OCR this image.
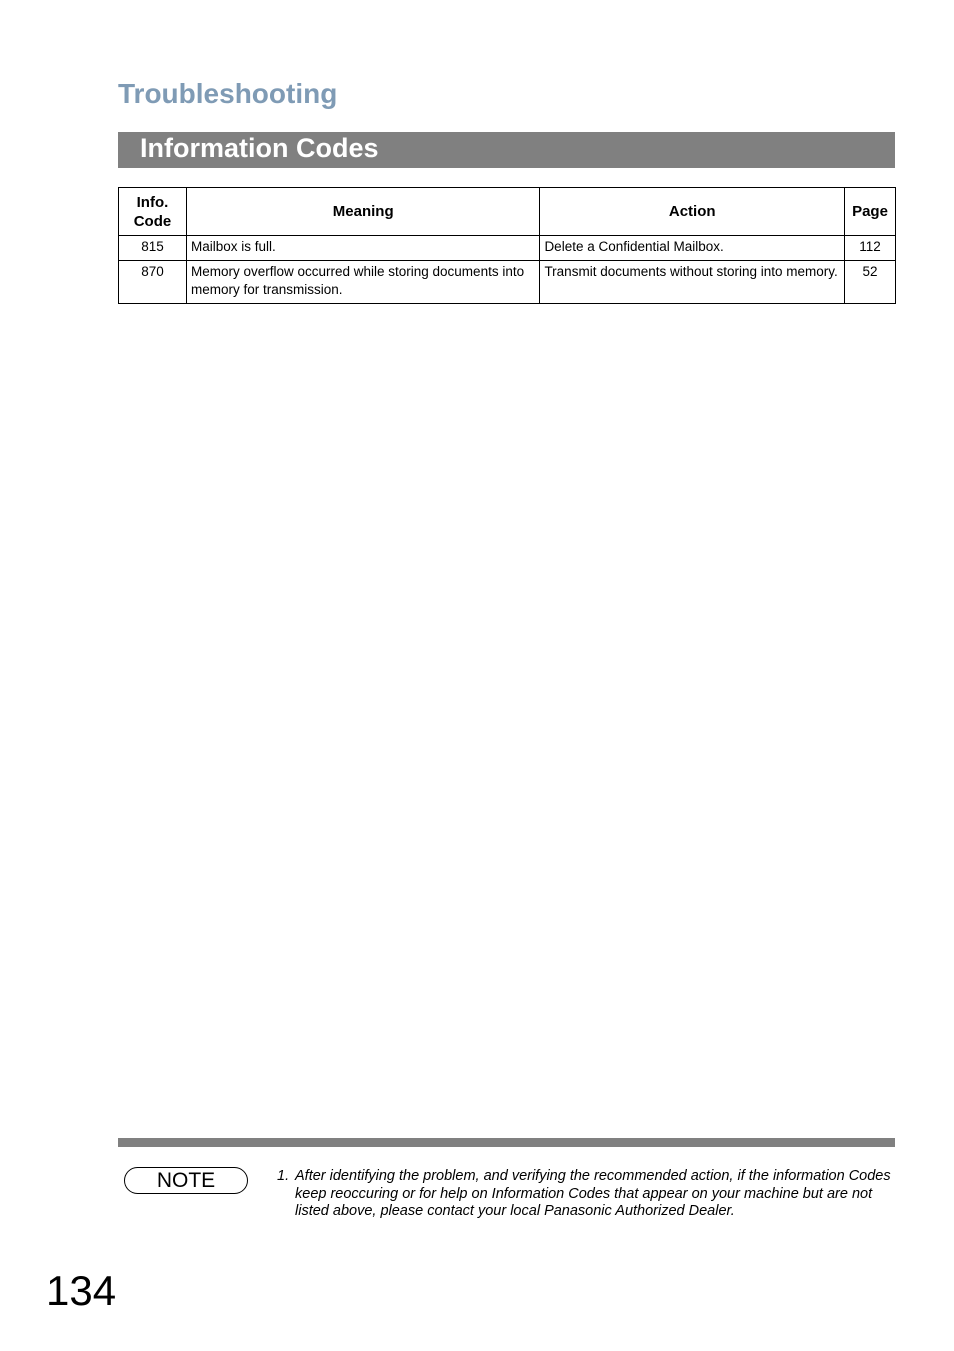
Troubleshooting
Information Codes
Info. Code	Meaning	Action	Page
815	Mailbox is full.	Delete a Confidential Mailbox.	112
870	Memory overflow occurred while storing documents into memory for transmission.	Transmit documents without storing into memory.	52
NOTE	1. After identifying the problem, and verifying the recommended action, if the information Codes keep reoccuring or for help on Information Codes that appear on your machine but are not listed above, please contact your local Panasonic Authorized Dealer.
134
